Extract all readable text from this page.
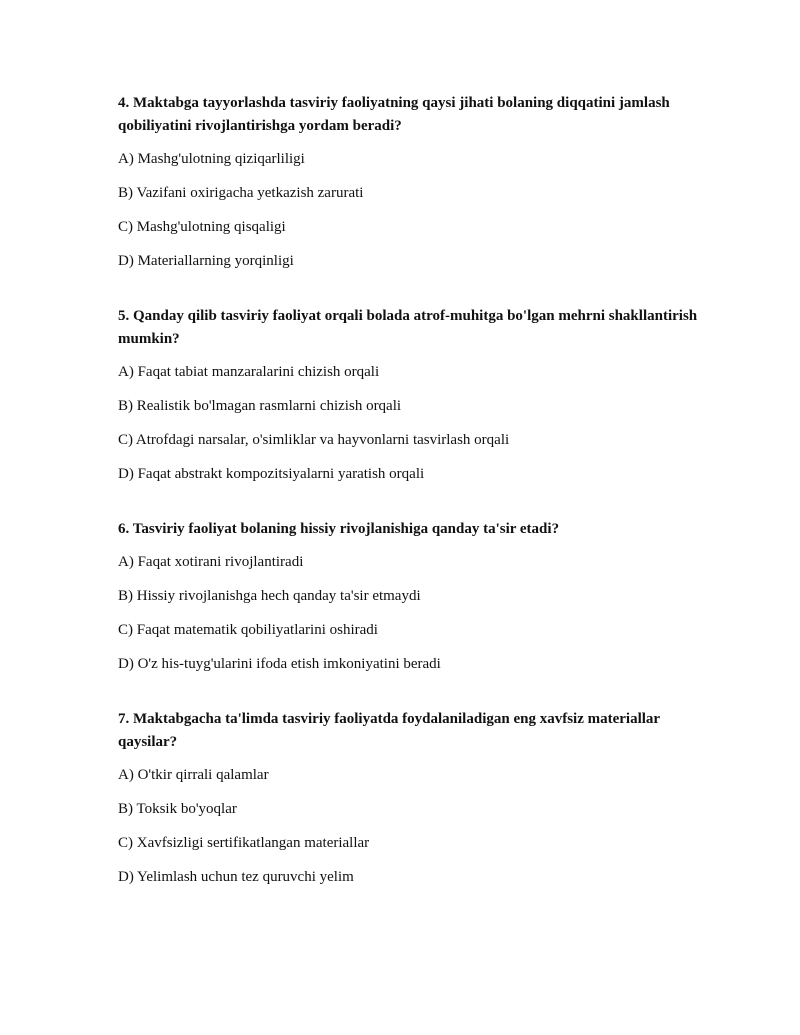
4. Maktabga tayyorlashda tasviriy faoliyatning qaysi jihati bolaning diqqatini jamlash qobiliyatini rivojlantirishga yordam beradi?

A) Mashg'ulotning qiziqarliligi

B) Vazifani oxirigacha yetkazish zarurati

C) Mashg'ulotning qisqaligi

D) Materiallarning yorqinligi

5. Qanday qilib tasviriy faoliyat orqali bolada atrof-muhitga bo'lgan mehrni shakllantirish mumkin?

A) Faqat tabiat manzaralarini chizish orqali

B) Realistik bo'lmagan rasmlarni chizish orqali

C) Atrofdagi narsalar, o'simliklar va hayvonlarni tasvirlash orqali

D) Faqat abstrakt kompozitsiyalarni yaratish orqali

6. Tasviriy faoliyat bolaning hissiy rivojlanishiga qanday ta'sir etadi?

A) Faqat xotirani rivojlantiradi

B) Hissiy rivojlanishga hech qanday ta'sir etmaydi

C) Faqat matematik qobiliyatlarini oshiradi

D) O'z his-tuyg'ularini ifoda etish imkoniyatini beradi

7. Maktabgacha ta'limda tasviriy faoliyatda foydalaniladigan eng xavfsiz materiallar qaysilar?

A) O'tkir qirrali qalamlar

B) Toksik bo'yoqlar

C) Xavfsizligi sertifikatlangan materiallar

D) Yelimlash uchun tez quruvchi yelim
